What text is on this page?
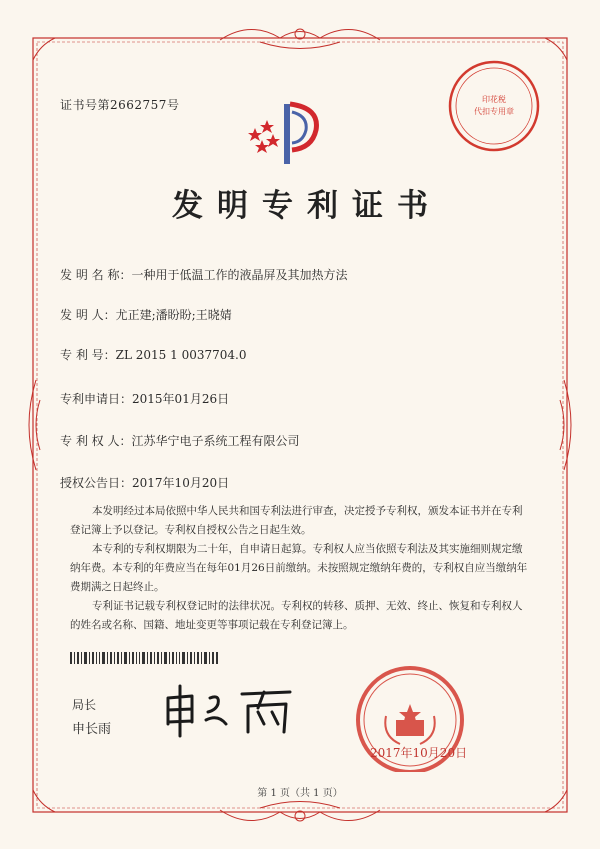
证书号第2662757号	印花税
代扣专用章
发明专利证书
发 明 名 称：一种用于低温工作的液晶屏及其加热方法
发 明 人：尤正建;潘盼盼;王晓婧
专 利 号：ZL 2015 1 0037704.0
专利申请日：2015年01月26日
专 利 权 人：江苏华宁电子系统工程有限公司
授权公告日：2017年10月20日

本发明经过本局依照中华人民共和国专利法进行审查，决定授予专利权，颁发本证书并在专利登记簿上予以登记。专利权自授权公告之日起生效。

本专利的专利权期限为二十年，自申请日起算。专利权人应当依照专利法及其实施细则规定缴纳年费。本专利的年费应当在每年01月26日前缴纳。未按照规定缴纳年费的，专利权自应当缴纳年费期满之日起终止。

专利证书记载专利权登记时的法律状况。专利权的转移、质押、无效、终止、恢复和专利权人的姓名或名称、国籍、地址变更等事项记载在专利登记簿上。

局长
申长雨
2017年10月20日
第 1 页（共 1 页）
